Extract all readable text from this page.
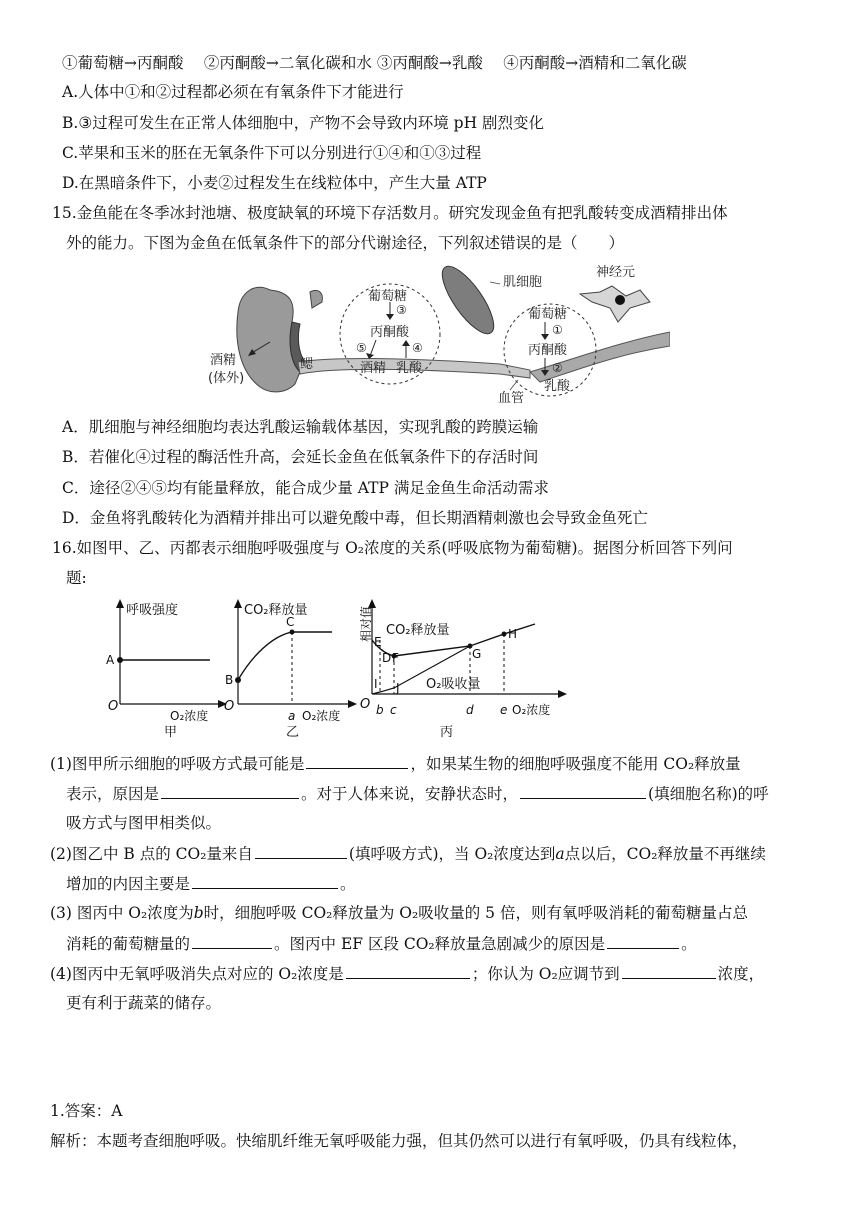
①葡萄糖→丙酮酸　 ②丙酮酸→二氧化碳和水 ③丙酮酸→乳酸　 ④丙酮酸→酒精和二氧化碳
A.人体中①和②过程都必须在有氧条件下才能进行
B.③过程可发生在正常人体细胞中，产物不会导致内环境 pH 剧烈变化
C.苹果和玉米的胚在无氧条件下可以分别进行①④和①③过程
D.在黑暗条件下，小麦②过程发生在线粒体中，产生大量 ATP
15.金鱼能在冬季冰封池塘、极度缺氧的环境下存活数月。研究发现金鱼有把乳酸转变成酒精排出体
外的能力。下图为金鱼在低氧条件下的部分代谢途径，下列叙述错误的是（　　）
肌细胞
神经元
鳃
酒精
(体外)
血管
葡萄糖
③
丙酮酸
⑤	④
酒精 乳酸
葡萄糖
①
丙酮酸
②
乳酸
A．肌细胞与神经细胞均表达乳酸运输载体基因，实现乳酸的跨膜运输
B．若催化④过程的酶活性升高，会延长金鱼在低氧条件下的存活时间
C．途径②④⑤均有能量释放，能合成少量 ATP 满足金鱼生命活动需求
D．金鱼将乳酸转化为酒精并排出可以避免酸中毒，但长期酒精刺激也会导致金鱼死亡
16.如图甲、乙、丙都表示细胞呼吸强度与 O₂浓度的关系(呼吸底物为葡萄糖)。据图分析回答下列问
题:
呼吸强度
A
O
O₂浓度
甲
CO₂释放量
B
C
O
a O₂浓度
乙
相对值 CO₂释放量
O₂吸收量
E
D F	G
H
I J
O b c	d e O₂浓度
丙
(1)图甲所示细胞的呼吸方式最可能是	，如果某生物的细胞呼吸强度不能用 CO₂释放量
表示，原因是	。对于人体来说，安静状态时，	(填细胞名称)的呼
吸方式与图甲相类似。
(2)图乙中 B 点的 CO₂量来自	(填呼吸方式)，当 O₂浓度达到a点以后，CO₂释放量不再继续
增加的内因主要是	。
(3) 图丙中 O₂浓度为b时，细胞呼吸 CO₂释放量为 O₂吸收量的 5 倍，则有氧呼吸消耗的葡萄糖量占总
消耗的葡萄糖量的	。图丙中 EF 区段 CO₂释放量急剧减少的原因是	。
(4)图丙中无氧呼吸消失点对应的 O₂浓度是	；你认为 O₂应调节到	浓度，
更有利于蔬菜的储存。
1.答案：A
解析：本题考查细胞呼吸。快缩肌纤维无氧呼吸能力强，但其仍然可以进行有氧呼吸，仍具有线粒体，
